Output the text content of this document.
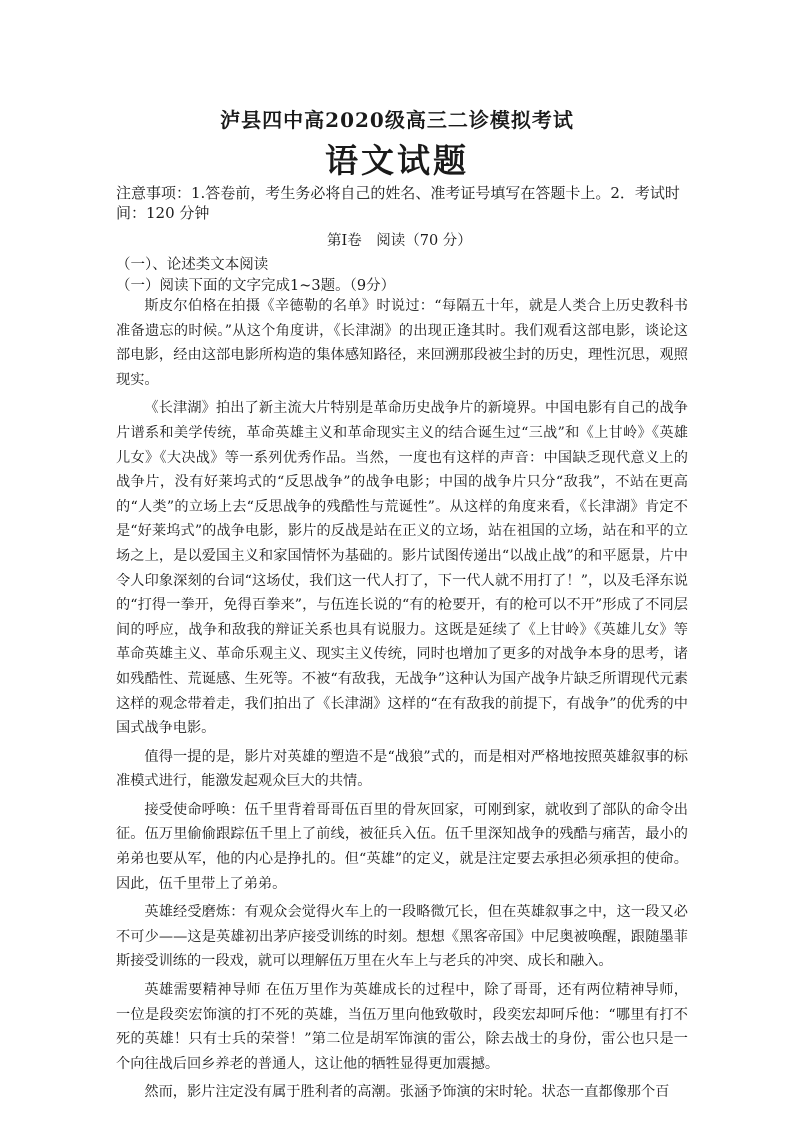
泸县四中高2020级高三二诊模拟考试
语文试题
注意事项：1.答卷前，考生务必将自己的姓名、准考证号填写在答题卡上。2．考试时间：120 分钟
第Ⅰ卷　阅读（70 分）
（一）、论述类文本阅读
（一）阅读下面的文字完成1~3题。（9分）

斯皮尔伯格在拍摄《辛德勒的名单》时说过：“每隔五十年，就是人类合上历史教科书准备遗忘的时候。”从这个角度讲，《长津湖》的出现正逢其时。我们观看这部电影，谈论这部电影，经由这部电影所构造的集体感知路径，来回溯那段被尘封的历史，理性沉思，观照现实。

《长津湖》拍出了新主流大片特别是革命历史战争片的新境界。中国电影有自己的战争片谱系和美学传统，革命英雄主义和革命现实主义的结合诞生过“三战”和《上甘岭》《英雄儿女》《大决战》等一系列优秀作品。当然，一度也有这样的声音：中国缺乏现代意义上的战争片，没有好莱坞式的“反思战争”的战争电影；中国的战争片只分“敌我”，不站在更高的“人类”的立场上去“反思战争的残酷性与荒诞性”。从这样的角度来看，《长津湖》肯定不是“好莱坞式”的战争电影，影片的反战是站在正义的立场，站在祖国的立场，站在和平的立场之上，是以爱国主义和家国情怀为基础的。影片试图传递出“以战止战”的和平愿景，片中令人印象深刻的台词“这场仗，我们这一代人打了，下一代人就不用打了！”，以及毛泽东说的“打得一拳开，免得百拳来”，与伍连长说的“有的枪要开，有的枪可以不开”形成了不同层间的呼应，战争和敌我的辩证关系也具有说服力。这既是延续了《上甘岭》《英雄儿女》等革命英雄主义、革命乐观主义、现实主义传统，同时也增加了更多的对战争本身的思考，诸如残酷性、荒诞感、生死等。不被“有敌我，无战争”这种认为国产战争片缺乏所谓现代元素这样的观念带着走，我们拍出了《长津湖》这样的“在有敌我的前提下，有战争”的优秀的中国式战争电影。

值得一提的是，影片对英雄的塑造不是“战狼”式的，而是相对严格地按照英雄叙事的标准模式进行，能激发起观众巨大的共情。

接受使命呼唤：伍千里背着哥哥伍百里的骨灰回家，可刚到家，就收到了部队的命令出征。伍万里偷偷跟踪伍千里上了前线，被征兵入伍。伍千里深知战争的残酷与痛苦，最小的弟弟也要从军，他的内心是挣扎的。但“英雄”的定义，就是注定要去承担必须承担的使命。因此，伍千里带上了弟弟。

英雄经受磨炼：有观众会觉得火车上的一段略微冗长，但在英雄叙事之中，这一段又必不可少——这是英雄初出茅庐接受训练的时刻。想想《黑客帝国》中尼奥被唤醒，跟随墨菲斯接受训练的一段戏，就可以理解伍万里在火车上与老兵的冲突、成长和融入。

英雄需要精神导师 在伍万里作为英雄成长的过程中，除了哥哥，还有两位精神导师，一位是段奕宏饰演的打不死的英雄，当伍万里向他致敬时，段奕宏却呵斥他：“哪里有打不死的英雄！只有士兵的荣誉！”第二位是胡军饰演的雷公，除去战士的身份，雷公也只是一个向往战后回乡养老的普通人，这让他的牺牲显得更加震撼。

然而，影片注定没有属于胜利者的高潮。张涵予饰演的宋时轮。状态一直都像那个百
